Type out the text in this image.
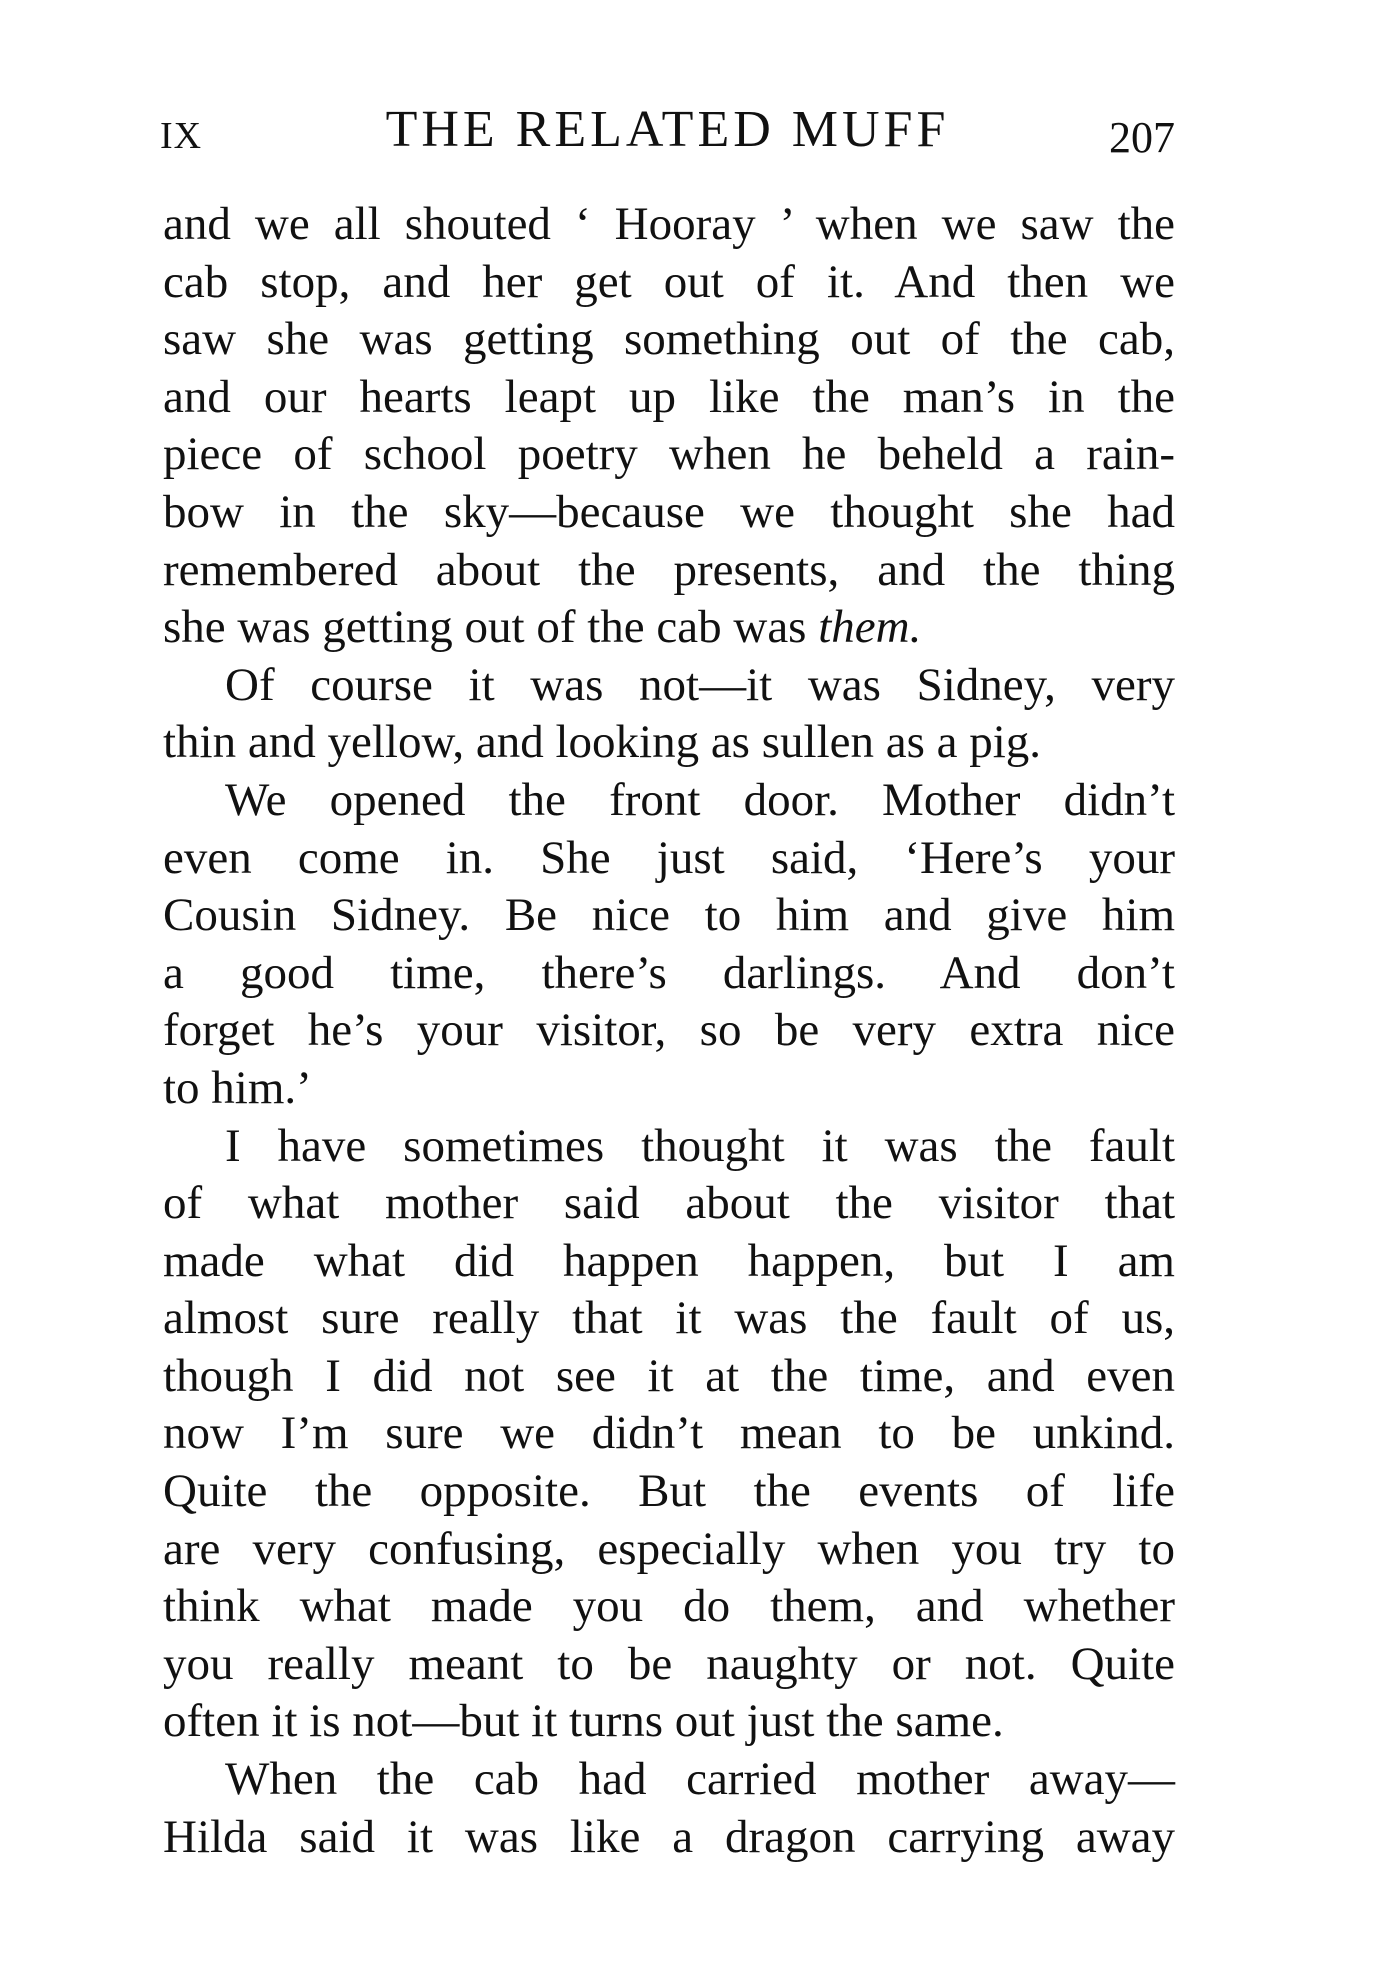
IX	THE RELATED MUFF	207
and we all shouted ‘ Hooray ’ when we saw the
cab stop, and her get out of it. And then we
saw she was getting something out of the cab,
and our hearts leapt up like the man’s in the
piece of school poetry when he beheld a rain-
bow in the sky—because we thought she had
remembered about the presents, and the thing
she was getting out of the cab was them.
Of course it was not—it was Sidney, very
thin and yellow, and looking as sullen as a pig.
We opened the front door. Mother didn’t
even come in. She just said, ‘Here’s your
Cousin Sidney. Be nice to him and give him
a good time, there’s darlings. And don’t
forget he’s your visitor, so be very extra nice
to him.’
I have sometimes thought it was the fault
of what mother said about the visitor that
made what did happen happen, but I am
almost sure really that it was the fault of us,
though I did not see it at the time, and even
now I’m sure we didn’t mean to be unkind.
Quite the opposite. But the events of life
are very confusing, especially when you try to
think what made you do them, and whether
you really meant to be naughty or not. Quite
often it is not—but it turns out just the same.
When the cab had carried mother away—
Hilda said it was like a dragon carrying away
